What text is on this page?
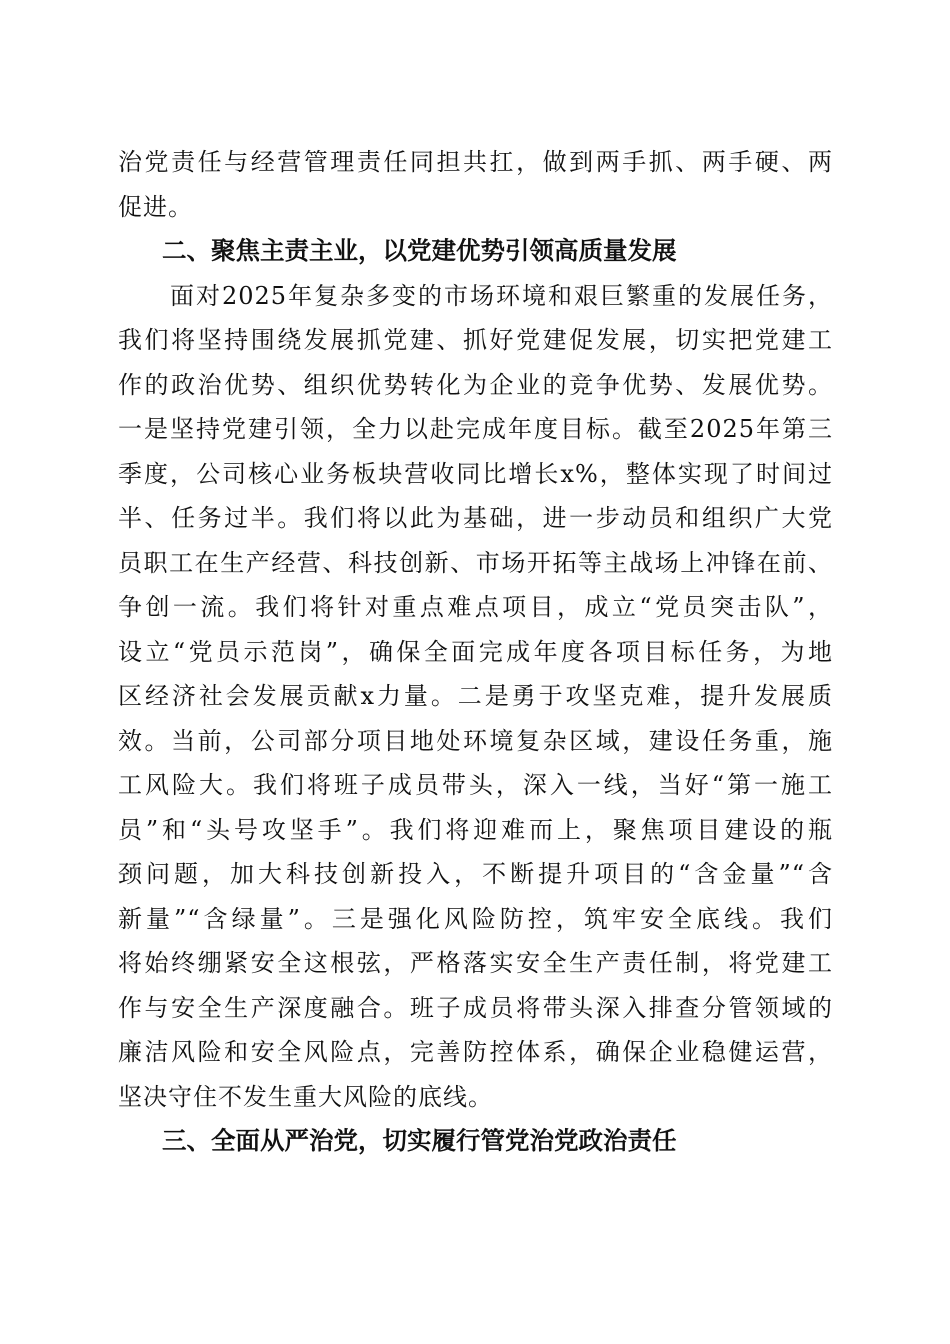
治党责任与经营管理责任同担共扛，做到两手抓、两手硬、两
促进。
二、聚焦主责主业，以党建优势引领高质量发展
面对2025年复杂多变的市场环境和艰巨繁重的发展任务，
我们将坚持围绕发展抓党建、抓好党建促发展，切实把党建工
作的政治优势、组织优势转化为企业的竞争优势、发展优势。
一是坚持党建引领，全力以赴完成年度目标。截至2025年第三
季度，公司核心业务板块营收同比增长x%，整体实现了时间过
半、任务过半。我们将以此为基础，进一步动员和组织广大党
员职工在生产经营、科技创新、市场开拓等主战场上冲锋在前、
争创一流。我们将针对重点难点项目，成立“党员突击队”，
设立“党员示范岗”，确保全面完成年度各项目标任务，为地
区经济社会发展贡献x力量。二是勇于攻坚克难，提升发展质
效。当前，公司部分项目地处环境复杂区域，建设任务重，施
工风险大。我们将班子成员带头，深入一线，当好“第一施工
员”和“头号攻坚手”。我们将迎难而上，聚焦项目建设的瓶
颈问题，加大科技创新投入，不断提升项目的“含金量”“含
新量”“含绿量”。三是强化风险防控，筑牢安全底线。我们
将始终绷紧安全这根弦，严格落实安全生产责任制，将党建工
作与安全生产深度融合。班子成员将带头深入排查分管领域的
廉洁风险和安全风险点，完善防控体系，确保企业稳健运营，
坚决守住不发生重大风险的底线。
三、全面从严治党，切实履行管党治党政治责任
